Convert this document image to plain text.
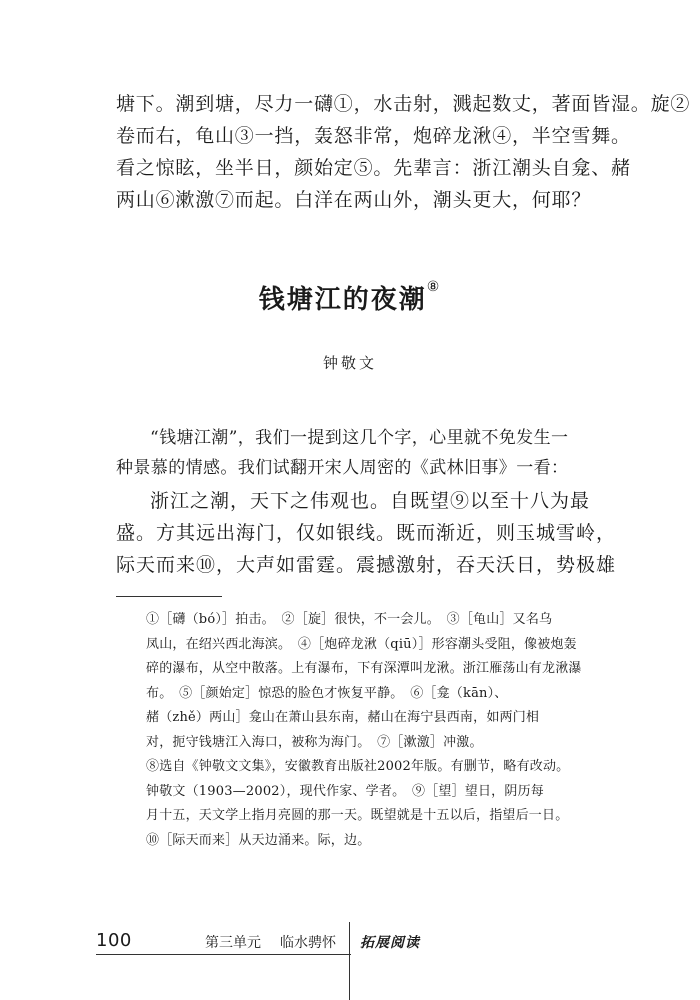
塘下。潮到塘，尽力一礴①，水击射，溅起数丈，著面皆湿。旋②
卷而右，龟山③一挡，轰怒非常，炮碎龙湫④，半空雪舞。
看之惊眩，坐半日，颜始定⑤。先辈言：浙江潮头自龛、赭
两山⑥漱激⑦而起。白洋在两山外，潮头更大，何耶？
钱塘江的夜潮⑧
钟敬文
“钱塘江潮”，我们一提到这几个字，心里就不免发生一
种景慕的情感。我们试翻开宋人周密的《武林旧事》一看：
浙江之潮，天下之伟观也。自既望⑨以至十八为最
盛。方其远出海门，仅如银线。既而渐近，则玉城雪岭，
际天而来⑩，大声如雷霆。震撼激射，吞天沃日，势极雄
①［礴（bó）］拍击。　②［旋］很快，不一会儿。　③［龟山］又名乌
凤山，在绍兴西北海滨。　④［炮碎龙湫（qiū）］形容潮头受阻，像被炮轰
碎的瀑布，从空中散落。上有瀑布，下有深潭叫龙湫。浙江雁荡山有龙湫瀑
布。　⑤［颜始定］惊恐的脸色才恢复平静。　⑥［龛（kān）、
赭（zhě）两山］龛山在萧山县东南，赭山在海宁县西南，如两门相
对，扼守钱塘江入海口，被称为海门。　⑦［漱激］冲激。
⑧选自《钟敬文文集》，安徽教育出版社2002年版。有删节，略有改动。
钟敬文（1903—2002），现代作家、学者。　⑨［望］望日，阴历每
月十五，天文学上指月亮圆的那一天。既望就是十五以后，指望后一日。
⑩［际天而来］从天边涌来。际，边。
100	第三单元 临水骋怀 拓展阅读
